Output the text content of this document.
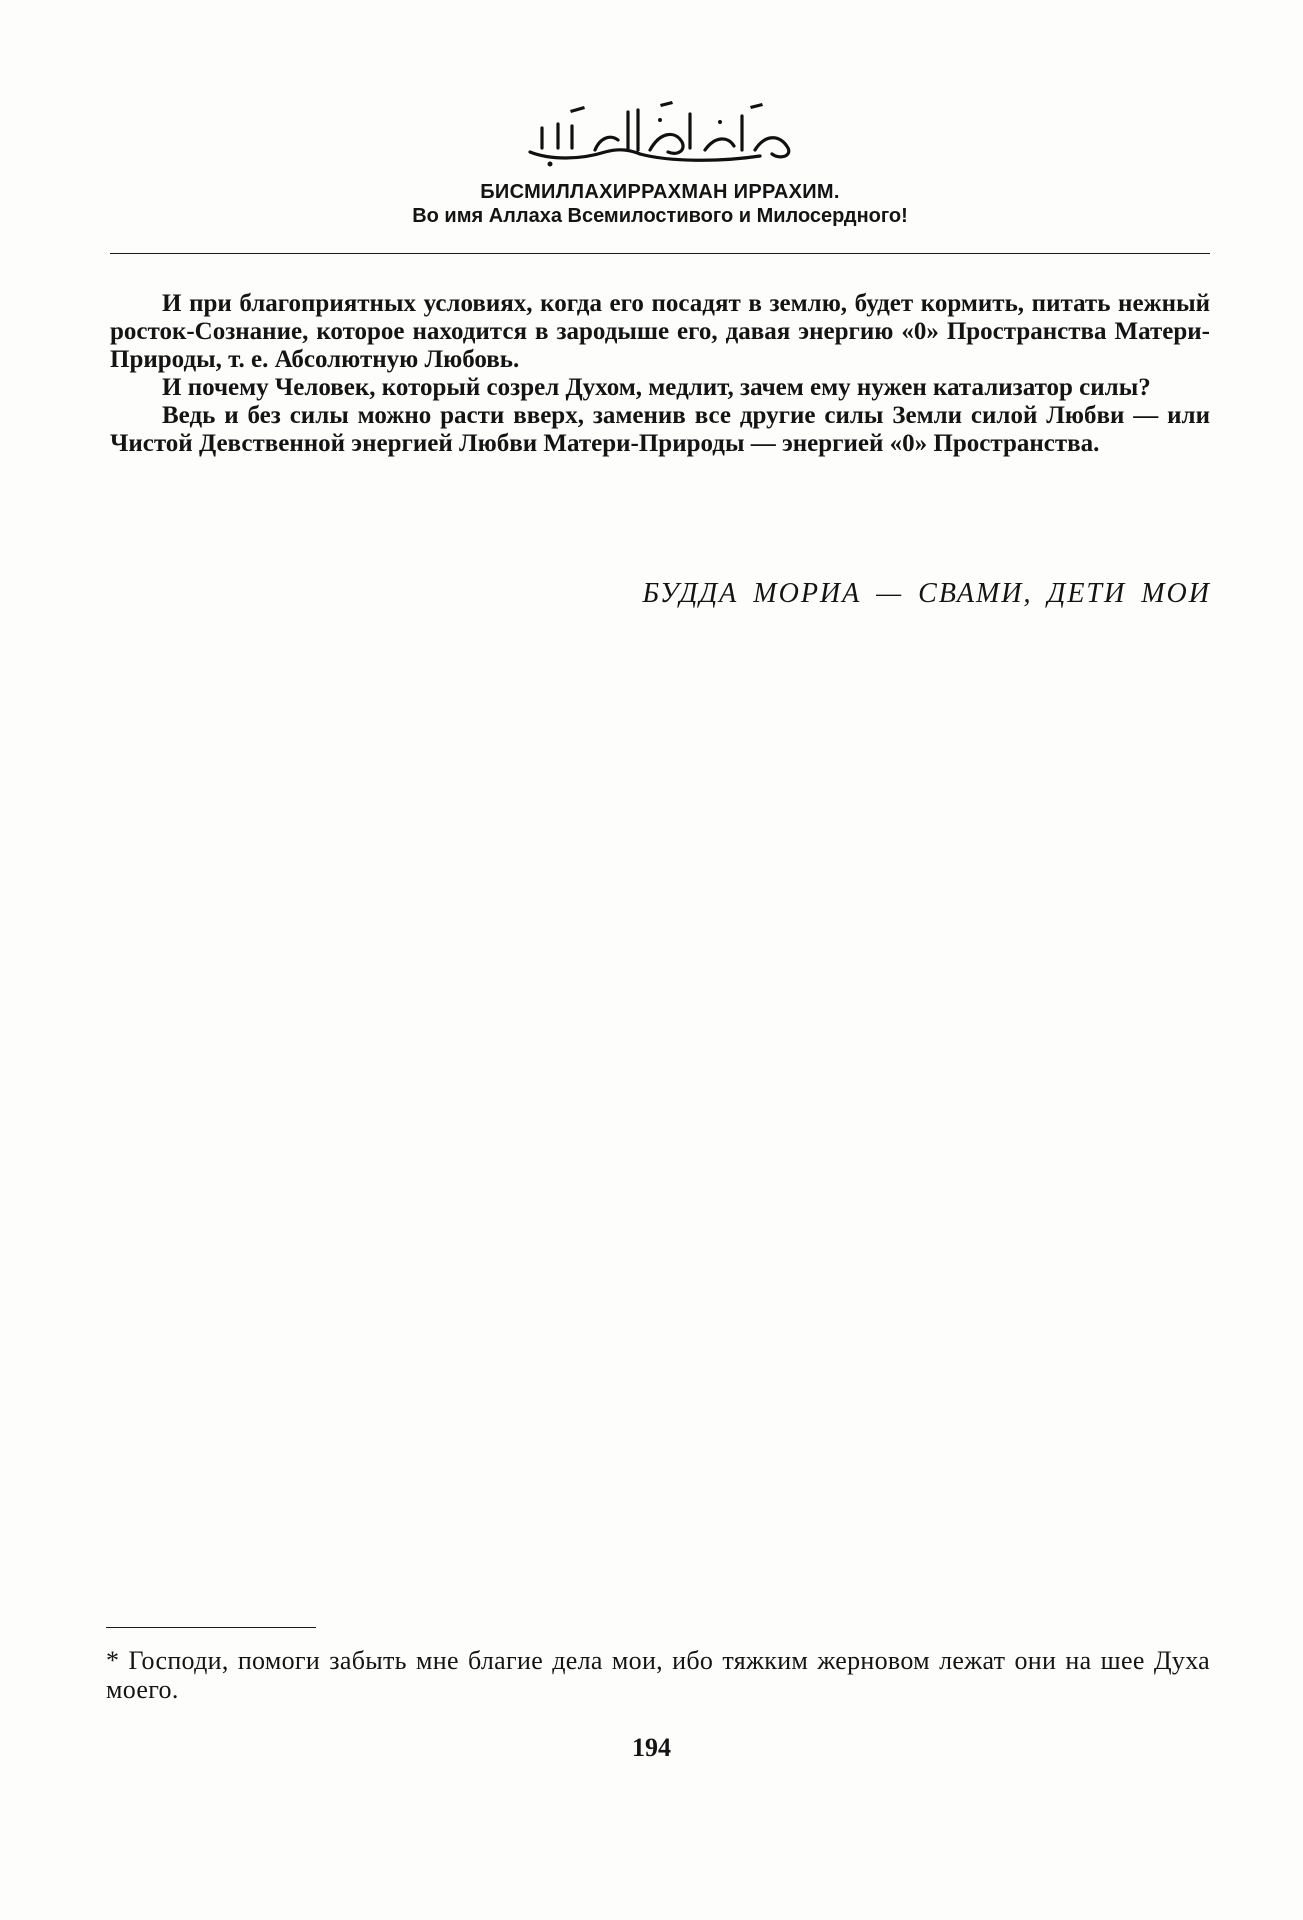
БИСМИЛЛАХИРРАХМАН ИРРАХИМ.
Во имя Аллаха Всемилостивого и Милосердного!

И при благоприятных условиях, когда его посадят в землю, будет кормить, питать нежный росток-Сознание, которое находится в зародыше его, давая энергию «0» Пространства Матери-Природы, т. е. Абсолютную Любовь.

И почему Человек, который созрел Духом, медлит, зачем ему нужен катализатор силы?

Ведь и без силы можно расти вверх, заменив все другие силы Земли силой Любви — или Чистой Девственной энергией Любви Матери-Природы — энергией «0» Пространства.

БУДДА МОРИА — СВАМИ, ДЕТИ МОИ
* Господи, помоги забыть мне благие дела мои, ибо тяжким жерновом лежат они на шее Духа моего.
194
